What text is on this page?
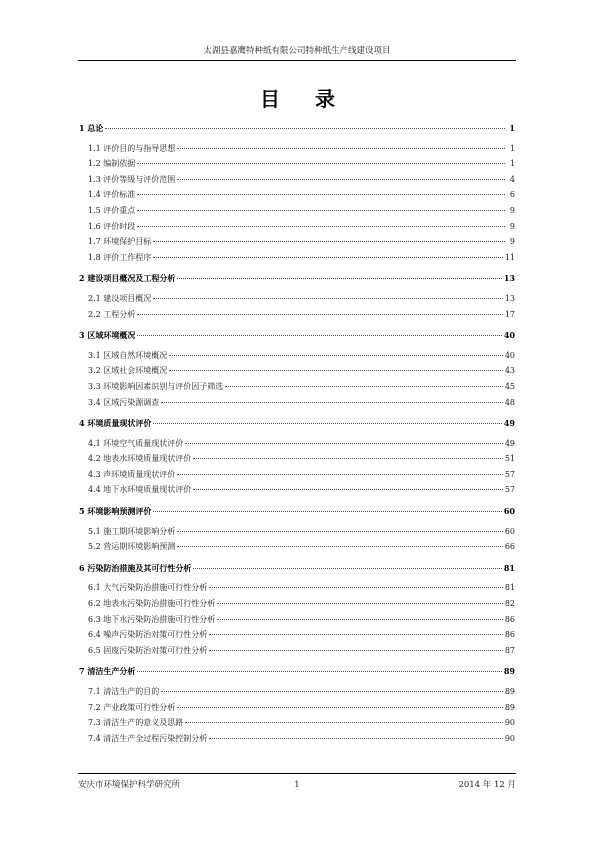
太湖县嘉鹰特种纸有限公司特种纸生产线建设项目
目 录
1 总论	1
1.1 评价目的与指导思想	1
1.2 编制依据	1
1.3 评价等级与评价范围	4
1.4 评价标准	6
1.5 评价重点	9
1.6 评价时段	9
1.7 环境保护目标	9
1.8 评价工作程序	11
2 建设项目概况及工程分析	13
2.1 建设项目概况	13
2.2 工程分析	17
3 区域环境概况	40
3.1 区域自然环境概况	40
3.2 区域社会环境概况	43
3.3 环境影响因素识别与评价因子筛选	45
3.4 区域污染源调查	48
4 环境质量现状评价	49
4.1 环境空气质量现状评价	49
4.2 地表水环境质量现状评价	51
4.3 声环境质量现状评价	57
4.4 地下水环境质量现状评价	57
5 环境影响预测评价	60
5.1 施工期环境影响分析	60
5.2 营运期环境影响预测	66
6 污染防治措施及其可行性分析	81
6.1 大气污染防治措施可行性分析	81
6.2 地表水污染防治措施可行性分析	82
6.3 地下水污染防治措施可行性分析	86
6.4 噪声污染防治对策可行性分析	86
6.5 固废污染防治对策可行性分析	87
7 清洁生产分析	89
7.1 清洁生产的目的	89
7.2 产业政策可行性分析	89
7.3 清洁生产的意义及思路	90
7.4 清洁生产全过程污染控制分析	90
安庆市环境保护科学研究所	1	2014 年 12 月
